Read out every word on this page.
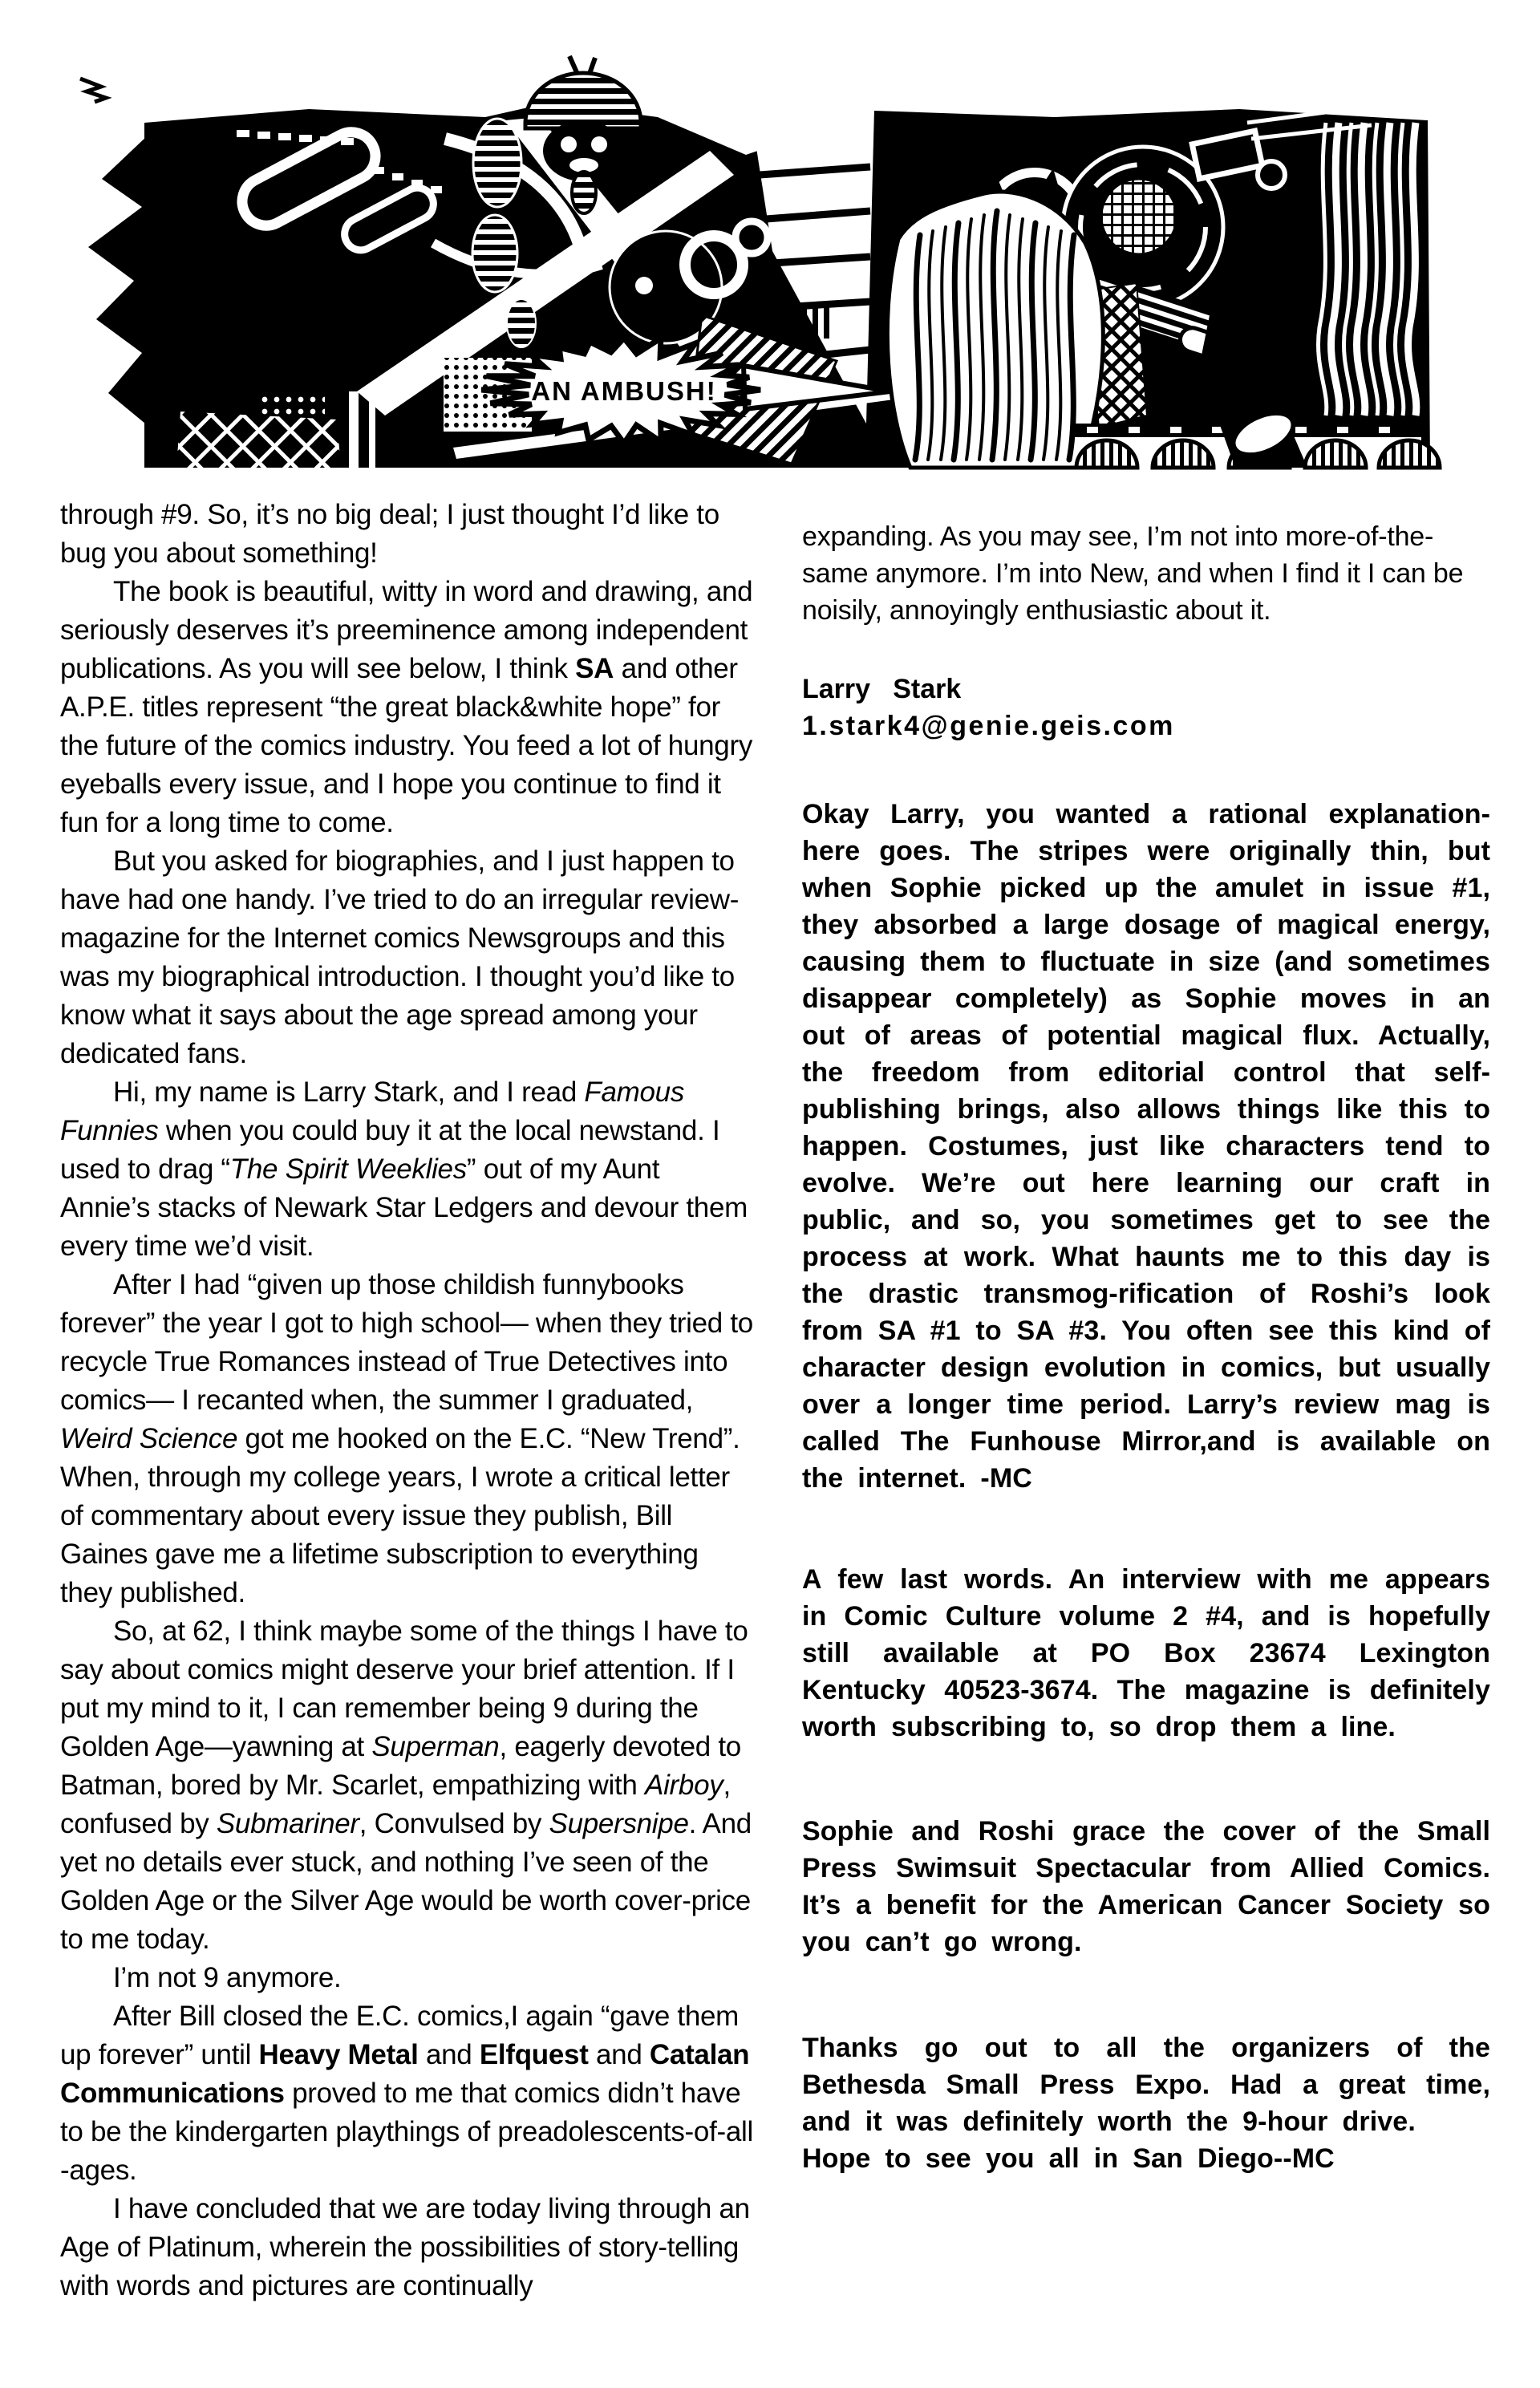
AN AMBUSH!

through #9. So, it’s no big deal; I just thought I’d like to bug you about something!

The book is beautiful, witty in word and drawing, and seriously deserves it’s preeminence among independent publications. As you will see below, I think SA and other A.P.E. titles represent “the great black&white hope” for the future of the comics industry. You feed a lot of hungry eyeballs every issue, and I hope you continue to find it fun for a long time to come.

But you asked for biographies, and I just happen to have had one handy. I’ve tried to do an irregular review-magazine for the Internet comics Newsgroups and this was my biographical introduction. I thought you’d like to know what it says about the age spread among your dedicated fans.

Hi, my name is Larry Stark, and I read Famous Funnies when you could buy it at the local newstand. I used to drag “The Spirit Weeklies” out of my Aunt Annie’s stacks of Newark Star Ledgers and devour them every time we’d visit.

After I had “given up those childish funnybooks forever” the year I got to high school— when they tried to recycle True Romances instead of True Detectives into comics— I recanted when, the summer I graduated, Weird Science got me hooked on the E.C. “New Trend”. When, through my college years, I wrote a critical letter of commentary about every issue they publish, Bill Gaines gave me a lifetime subscription to everything they published.

So, at 62, I think maybe some of the things I have to say about comics might deserve your brief attention. If I put my mind to it, I can remember being 9 during the Golden Age—yawning at Superman, eagerly devoted to Batman, bored by Mr. Scarlet, empathizing with Airboy, confused by Submariner, Convulsed by Supersnipe. And yet no details ever stuck, and nothing I’ve seen of the Golden Age or the Silver Age would be worth cover-price to me today.

I’m not 9 anymore.

After Bill closed the E.C. comics,I again “gave them up forever” until Heavy Metal and Elfquest and Catalan Communications proved to me that comics didn’t have to be the kindergarten playthings of preadolescents-of-all -ages.

I have concluded that we are today living through an Age of Platinum, wherein the possibilities of story-telling with words and pictures are continually

expanding. As you may see, I’m not into more-of-the-same anymore. I’m into New, and when I find it I can be noisily, annoyingly enthusiastic about it.

Larry Stark

1.stark4@genie.geis.com

Okay Larry, you wanted a rational explanation-here goes. The stripes were originally thin, but when Sophie picked up the amulet in issue #1, they absorbed a large dosage of magical energy, causing them to fluctuate in size (and sometimes disappear completely) as Sophie moves in an out of areas of potential magical flux. Actually, the freedom from editorial control that self-publishing brings, also allows things like this to happen. Costumes, just like characters tend to evolve. We’re out here learning our craft in public, and so, you sometimes get to see the process at work. What haunts me to this day is the drastic transmog-rification of Roshi’s look from SA #1 to SA #3. You often see this kind of character design evolution in comics, but usually over a longer time period. Larry’s review mag is called The Funhouse Mirror,and is available on the internet. -MC

A few last words. An interview with me appears in Comic Culture volume 2 #4, and is hopefully still available at PO Box 23674 Lexington Kentucky 40523-3674. The magazine is definitely worth subscribing to, so drop them a line.

Sophie and Roshi grace the cover of the Small Press Swimsuit Spectacular from Allied Comics. It’s a benefit for the American Cancer Society so you can’t go wrong.

Thanks go out to all the organizers of the Bethesda Small Press Expo. Had a great time, and it was definitely worth the 9-hour drive.

Hope to see you all in San Diego--MC
